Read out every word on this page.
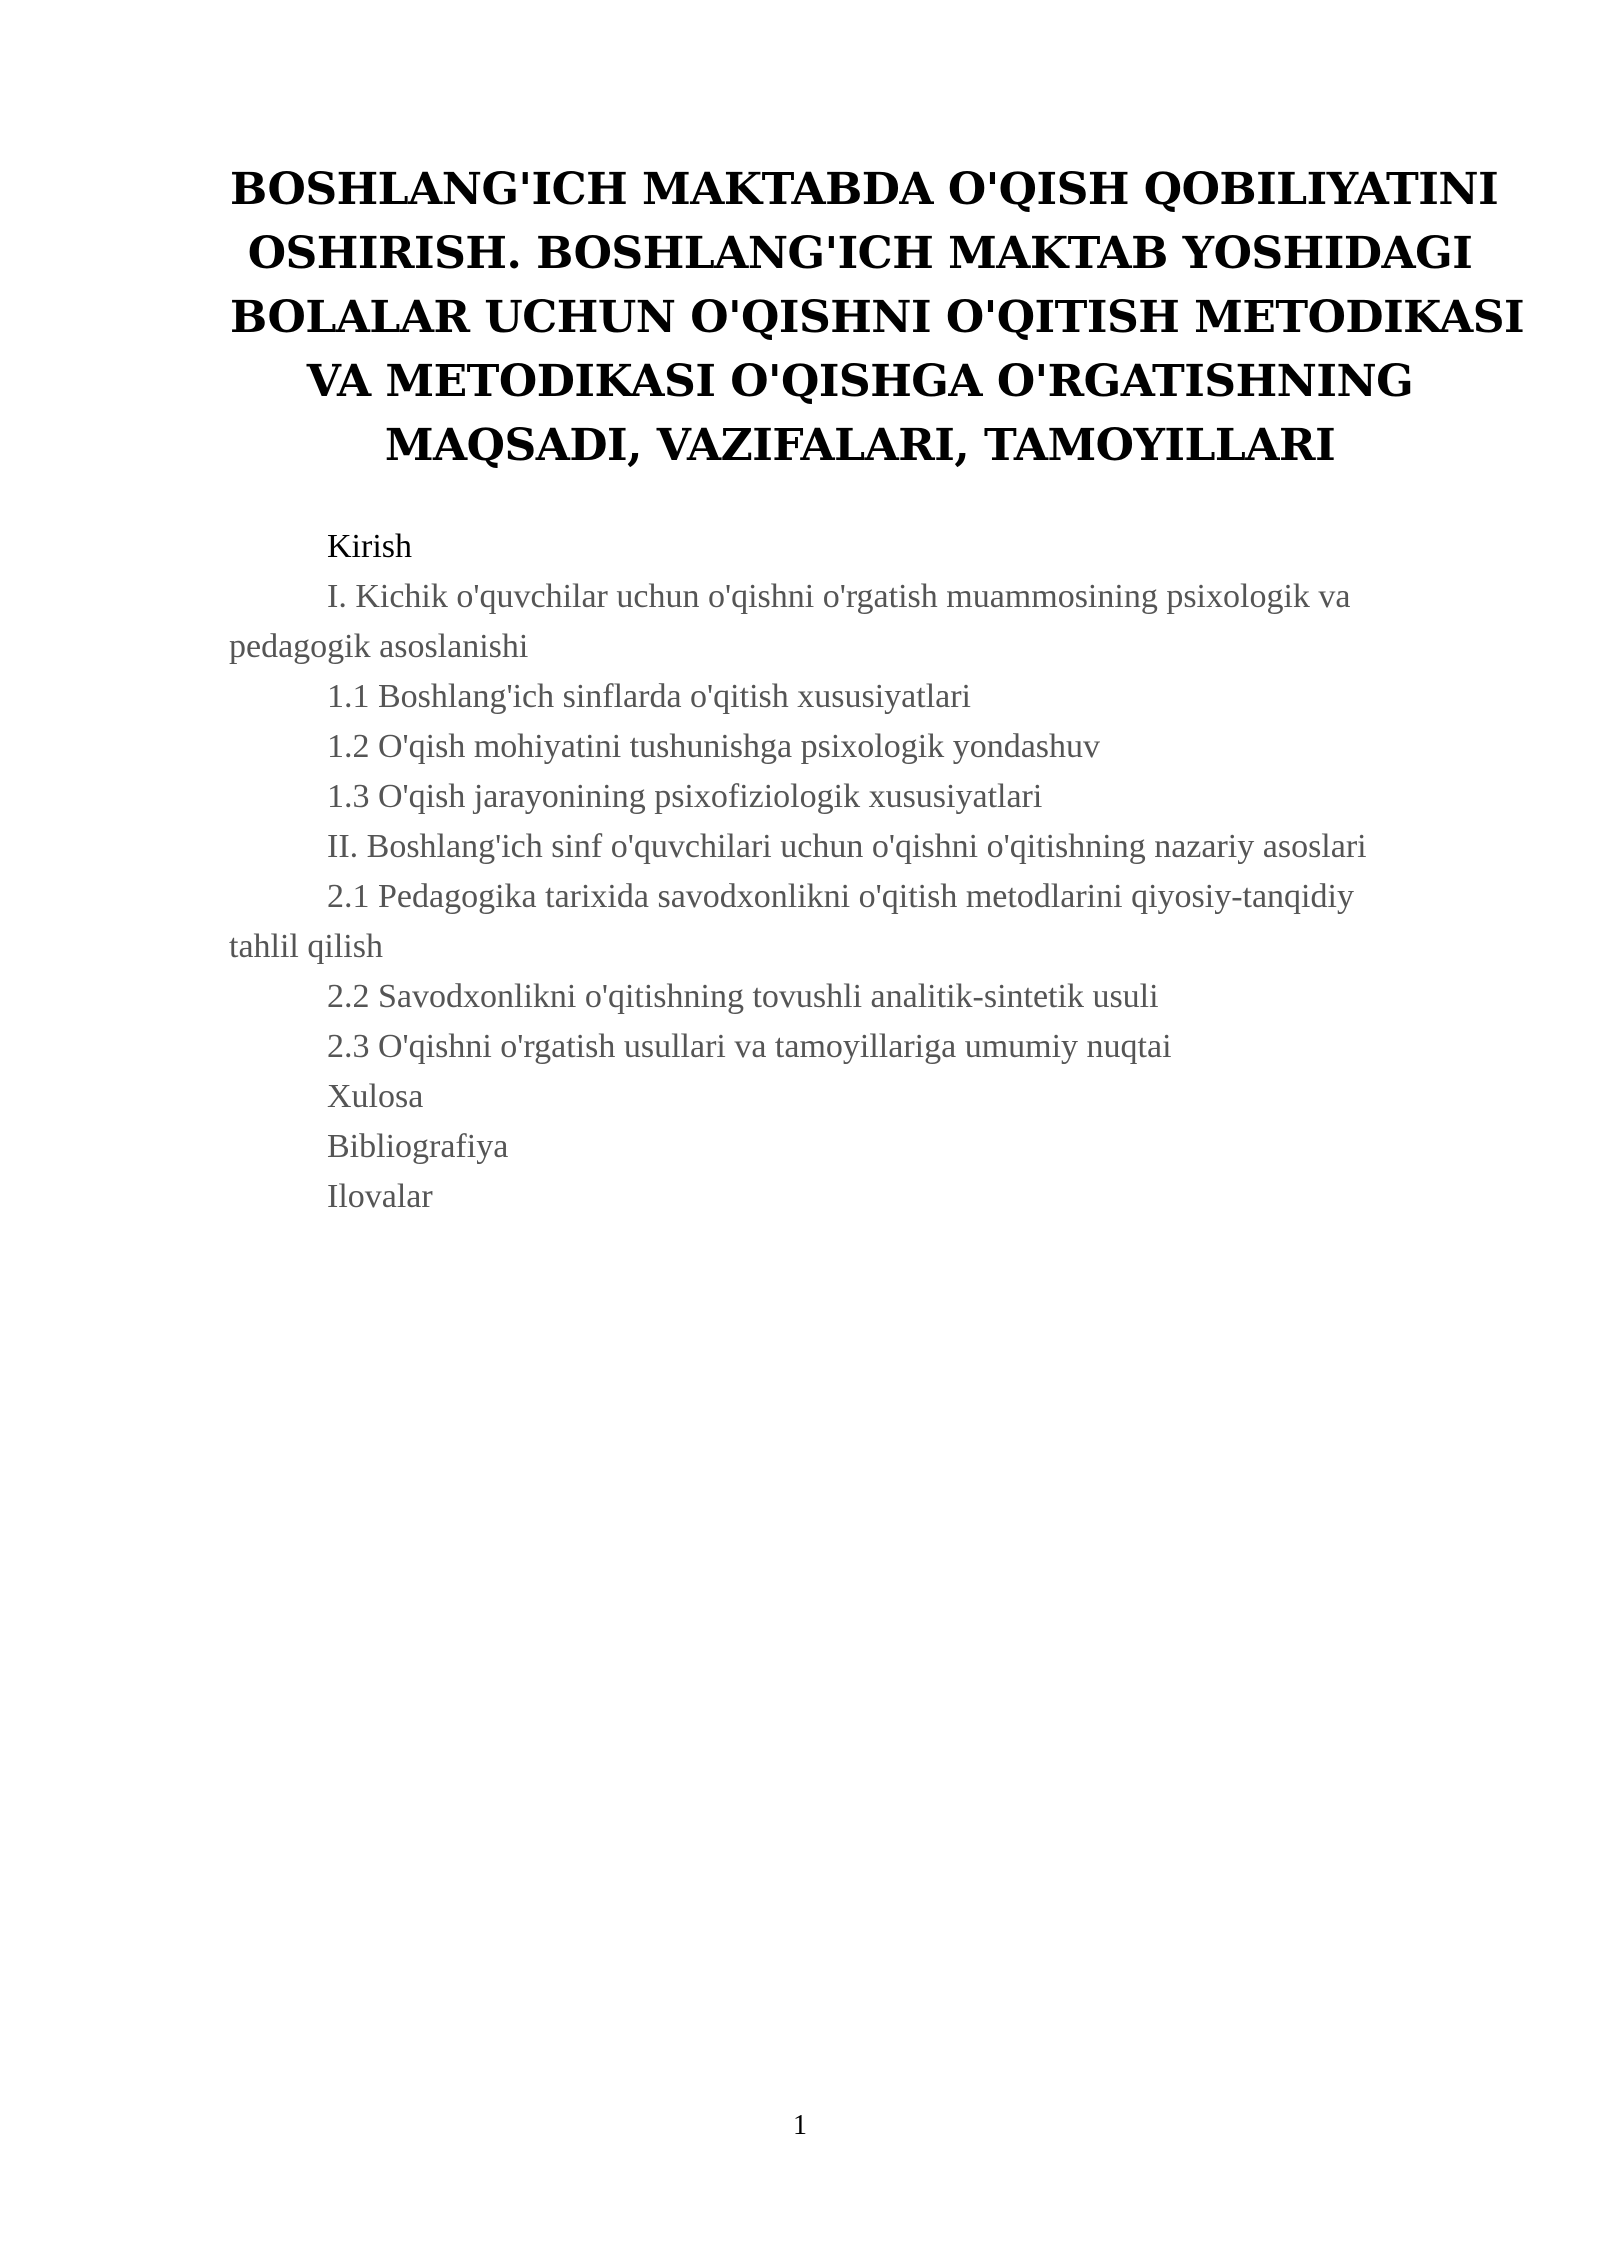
BOSHLANG'ICH MAKTABDA O'QISH QOBILIYATINI
OSHIRISH. BOSHLANG'ICH MAKTAB YOSHIDAGI
BOLALAR UCHUN O'QISHNI O'QITISH METODIKASI
VA METODIKASI O'QISHGA O'RGATISHNING
MAQSADI, VAZIFALARI, TAMOYILLARI
Kirish
I. Kichik o'quvchilar uchun o'qishni o'rgatish muammosining psixologik va
pedagogik asoslanishi
1.1 Boshlang'ich sinflarda o'qitish xususiyatlari
1.2 O'qish mohiyatini tushunishga psixologik yondashuv
1.3 O'qish jarayonining psixofiziologik xususiyatlari
II. Boshlang'ich sinf o'quvchilari uchun o'qishni o'qitishning nazariy asoslari
2.1 Pedagogika tarixida savodxonlikni o'qitish metodlarini qiyosiy-tanqidiy
tahlil qilish
2.2 Savodxonlikni o'qitishning tovushli analitik-sintetik usuli
2.3 O'qishni o'rgatish usullari va tamoyillariga umumiy nuqtai
Xulosa
Bibliografiya
Ilovalar
1
